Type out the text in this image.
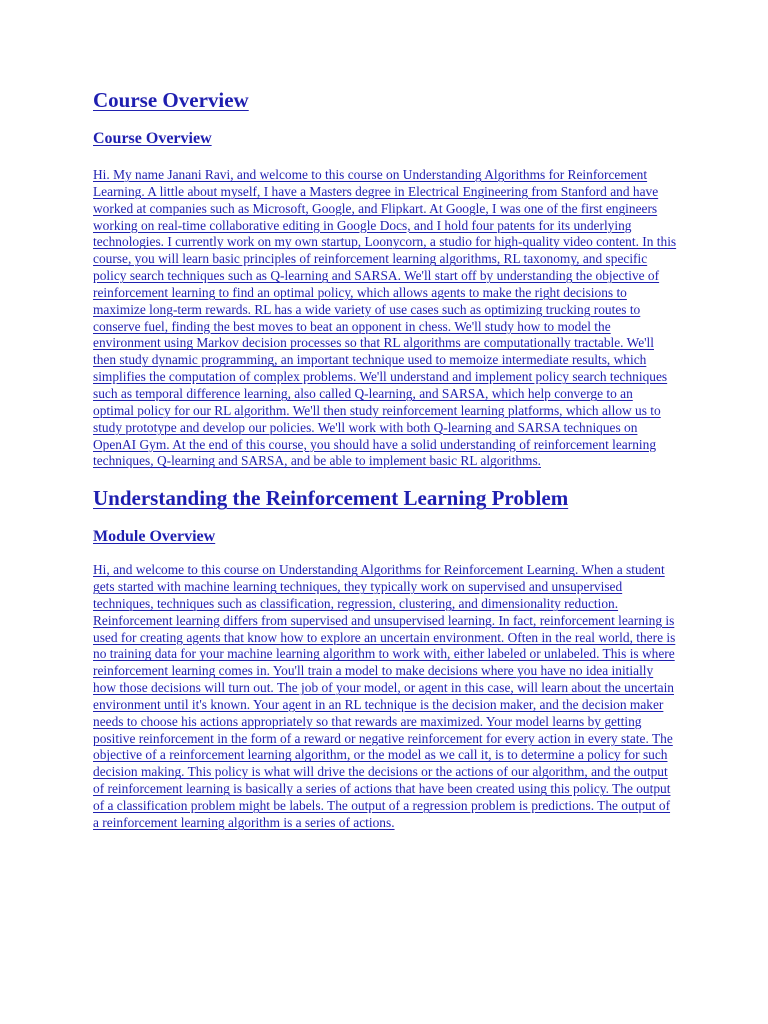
Course Overview
Course Overview

Hi. My name Janani Ravi, and welcome to this course on Understanding Algorithms for Reinforcement Learning. A little about myself, I have a Masters degree in Electrical Engineering from Stanford and have worked at companies such as Microsoft, Google, and Flipkart. At Google, I was one of the first engineers working on real-time collaborative editing in Google Docs, and I hold four patents for its underlying technologies. I currently work on my own startup, Loonycorn, a studio for high-quality video content. In this course, you will learn basic principles of reinforcement learning algorithms, RL taxonomy, and specific policy search techniques such as Q-learning and SARSA. We'll start off by understanding the objective of reinforcement learning to find an optimal policy, which allows agents to make the right decisions to maximize long-term rewards. RL has a wide variety of use cases such as optimizing trucking routes to conserve fuel, finding the best moves to beat an opponent in chess. We'll study how to model the environment using Markov decision processes so that RL algorithms are computationally tractable. We'll then study dynamic programming, an important technique used to memoize intermediate results, which simplifies the computation of complex problems. We'll understand and implement policy search techniques such as temporal difference learning, also called Q-learning, and SARSA, which help converge to an optimal policy for our RL algorithm. We'll then study reinforcement learning platforms, which allow us to study prototype and develop our policies. We'll work with both Q-learning and SARSA techniques on OpenAI Gym. At the end of this course, you should have a solid understanding of reinforcement learning techniques, Q-learning and SARSA, and be able to implement basic RL algorithms.

Understanding the Reinforcement Learning Problem
Module Overview

Hi, and welcome to this course on Understanding Algorithms for Reinforcement Learning. When a student gets started with machine learning techniques, they typically work on supervised and unsupervised techniques, techniques such as classification, regression, clustering, and dimensionality reduction. Reinforcement learning differs from supervised and unsupervised learning. In fact, reinforcement learning is used for creating agents that know how to explore an uncertain environment. Often in the real world, there is no training data for your machine learning algorithm to work with, either labeled or unlabeled. This is where reinforcement learning comes in. You'll train a model to make decisions where you have no idea initially how those decisions will turn out. The job of your model, or agent in this case, will learn about the uncertain environment until it's known. Your agent in an RL technique is the decision maker, and the decision maker needs to choose his actions appropriately so that rewards are maximized. Your model learns by getting positive reinforcement in the form of a reward or negative reinforcement for every action in every state. The objective of a reinforcement learning algorithm, or the model as we call it, is to determine a policy for such decision making. This policy is what will drive the decisions or the actions of our algorithm, and the output of reinforcement learning is basically a series of actions that have been created using this policy. The output of a classification problem might be labels. The output of a regression problem is predictions. The output of a reinforcement learning algorithm is a series of actions.
